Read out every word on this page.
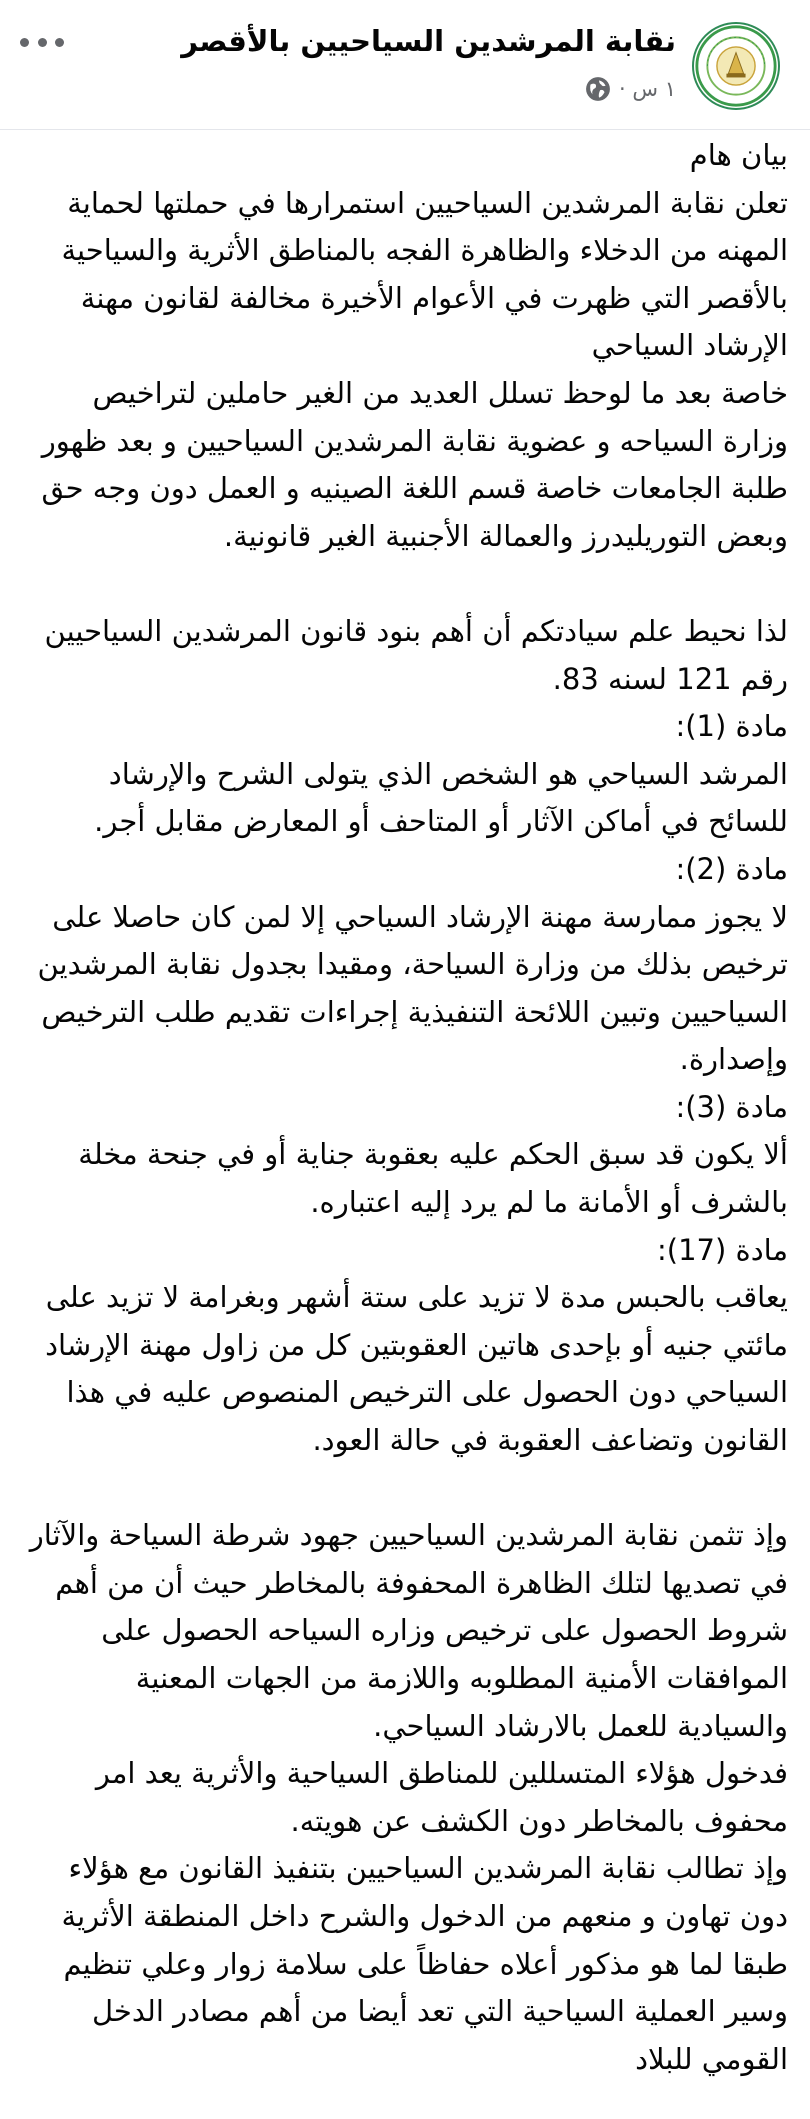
نقابة المرشدين السياحيين بالأقصر
١ س ·

بيان هام

تعلن نقابة المرشدين السياحيين استمرارها في حملتها لحماية المهنه من الدخلاء والظاهرة الفجه بالمناطق الأثرية والسياحية بالأقصر التي ظهرت في الأعوام الأخيرة مخالفة لقانون مهنة الإرشاد السياحي

خاصة بعد ما لوحظ تسلل العديد من الغير حاملين لتراخيص وزارة السياحه و عضوية نقابة المرشدين السياحيين و بعد ظهور طلبة الجامعات خاصة قسم اللغة الصينيه و العمل دون وجه حق وبعض التوريليدرز والعمالة الأجنبية الغير قانونية.

لذا نحيط علم سيادتكم أن أهم بنود قانون المرشدين السياحيين رقم 121 لسنه 83.

مادة (1):

المرشد السياحي هو الشخص الذي يتولى الشرح والإرشاد للسائح في أماكن الآثار أو المتاحف أو المعارض مقابل أجر.

مادة (2):

لا يجوز ممارسة مهنة الإرشاد السياحي إلا لمن كان حاصلا على ترخيص بذلك من وزارة السياحة، ومقيدا بجدول نقابة المرشدين السياحيين وتبين اللائحة التنفيذية إجراءات تقديم طلب الترخيص وإصدارة.

مادة (3):

ألا يكون قد سبق الحكم عليه بعقوبة جناية أو في جنحة مخلة بالشرف أو الأمانة ما لم يرد إليه اعتباره.

مادة (17):

يعاقب بالحبس مدة لا تزيد على ستة أشهر وبغرامة لا تزيد على مائتي جنيه أو بإحدى هاتين العقوبتين كل من زاول مهنة الإرشاد السياحي دون الحصول على الترخيص المنصوص عليه في هذا القانون وتضاعف العقوبة في حالة العود.

وإذ تثمن نقابة المرشدين السياحيين جهود شرطة السياحة والآثار في تصديها لتلك الظاهرة المحفوفة بالمخاطر حيث أن من أهم شروط الحصول على ترخيص وزاره السياحه الحصول على الموافقات الأمنية المطلوبه واللازمة من الجهات المعنية والسيادية للعمل بالارشاد السياحي.

فدخول هؤلاء المتسللين للمناطق السياحية والأثرية يعد امر محفوف بالمخاطر دون الكشف عن هويته.

وإذ تطالب نقابة المرشدين السياحيين بتنفيذ القانون مع هؤلاء دون تهاون و منعهم من الدخول والشرح داخل المنطقة الأثرية طبقا لما هو مذكور أعلاه حفاظاً على سلامة زوار وعلي تنظيم وسير العملية السياحية التي تعد أيضا من أهم مصادر الدخل القومي للبلاد
